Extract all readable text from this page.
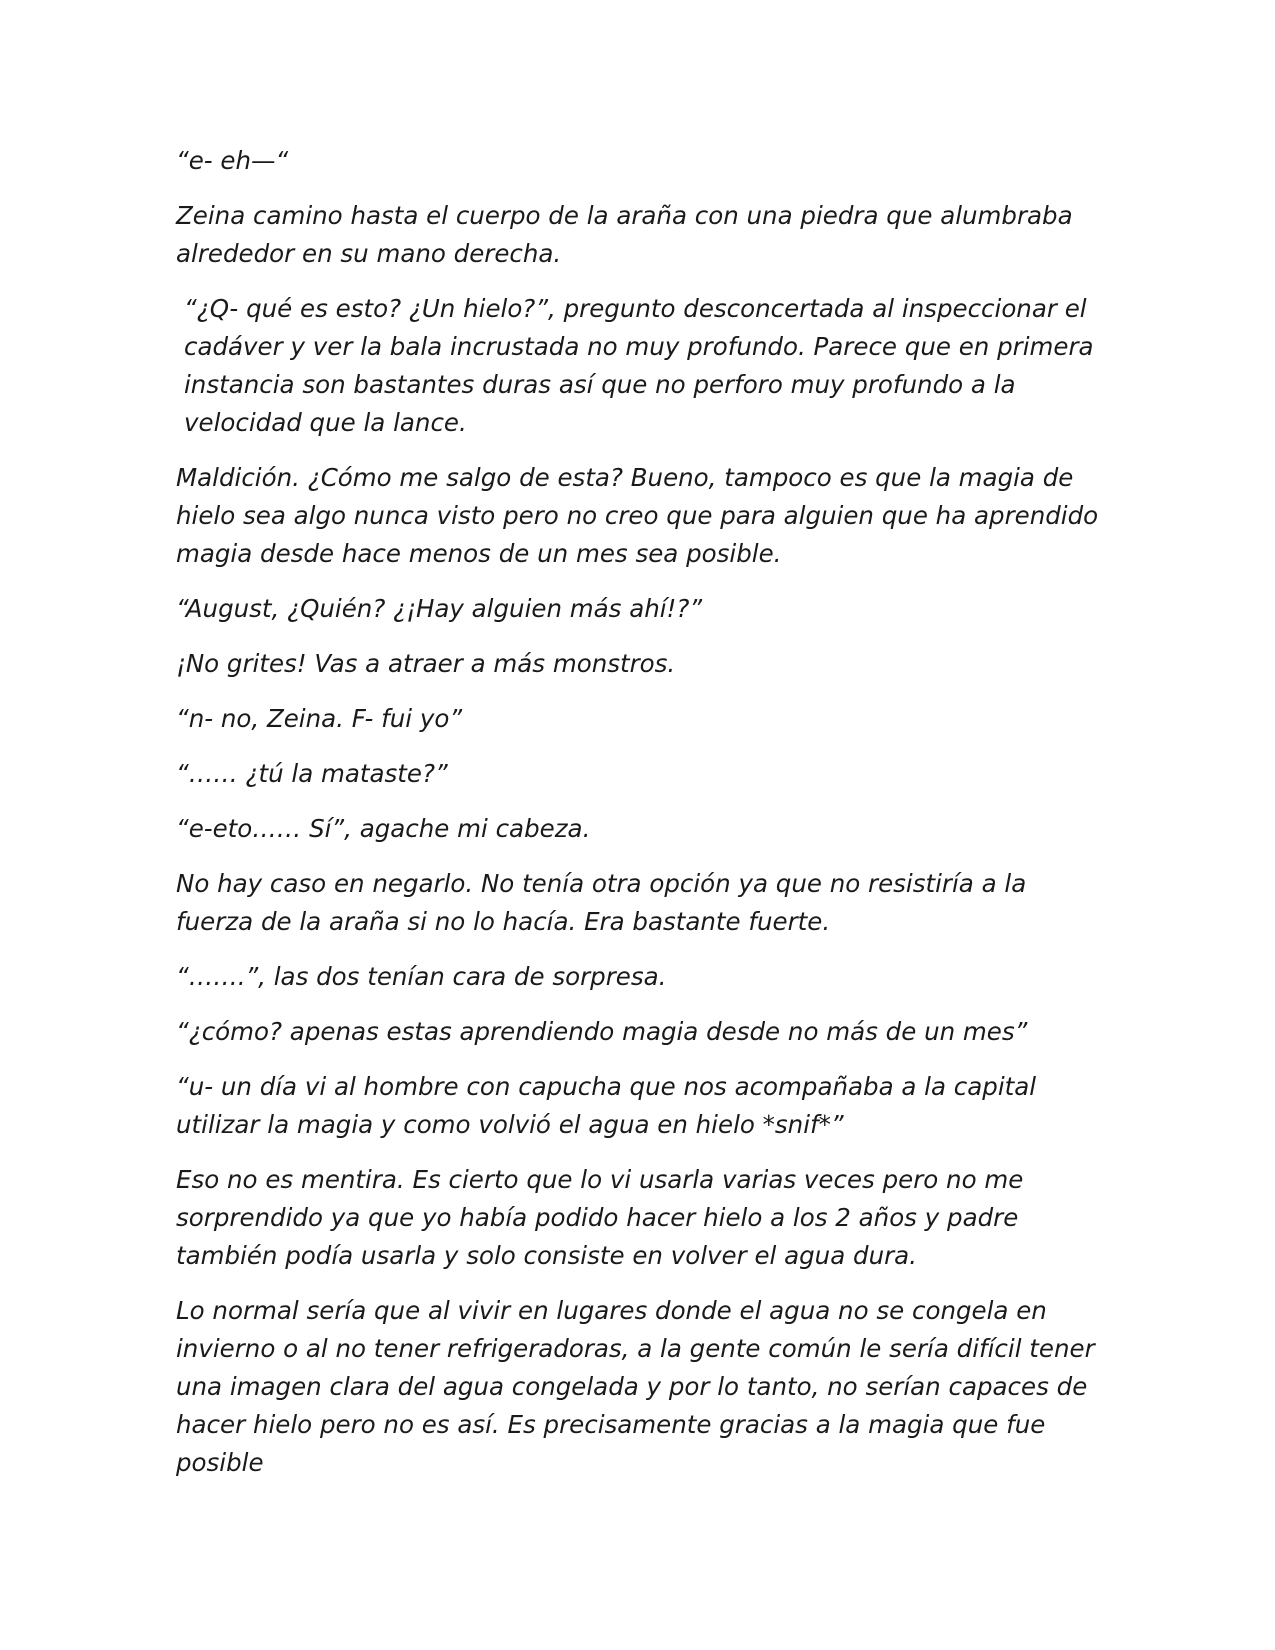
“e- eh—“

Zeina camino hasta el cuerpo de la araña con una piedra que alumbraba alrededor en su mano derecha.

“¿Q- qué es esto? ¿Un hielo?”, pregunto desconcertada al inspeccionar el cadáver y ver la bala incrustada no muy profundo. Parece que en primera instancia son bastantes duras así que no perforo muy profundo a la velocidad que la lance.

Maldición. ¿Cómo me salgo de esta? Bueno, tampoco es que la magia de hielo sea algo nunca visto pero no creo que para alguien que ha aprendido magia desde hace menos de un mes sea posible.

“August, ¿Quién? ¿¡Hay alguien más ahí!?”

¡No grites! Vas a atraer a más monstros.

“n- no, Zeina. F- fui yo”

“…… ¿tú la mataste?”

“e-eto…… Sí”, agache mi cabeza.

No hay caso en negarlo. No tenía otra opción ya que no resistiría a la fuerza de la araña si no lo hacía. Era bastante fuerte.

“…….”, las dos tenían cara de sorpresa.

“¿cómo? apenas estas aprendiendo magia desde no más de un mes”

“u- un día vi al hombre con capucha que nos acompañaba a la capital utilizar la magia y como volvió el agua en hielo *snif*”

Eso no es mentira. Es cierto que lo vi usarla varias veces pero no me sorprendido ya que yo había podido hacer hielo a los 2 años y padre también podía usarla y solo consiste en volver el agua dura.

Lo normal sería que al vivir en lugares donde el agua no se congela en invierno o al no tener refrigeradoras, a la gente común le sería difícil tener una imagen clara del agua congelada y por lo tanto, no serían capaces de hacer hielo pero no es así. Es precisamente gracias a la magia que fue posible
